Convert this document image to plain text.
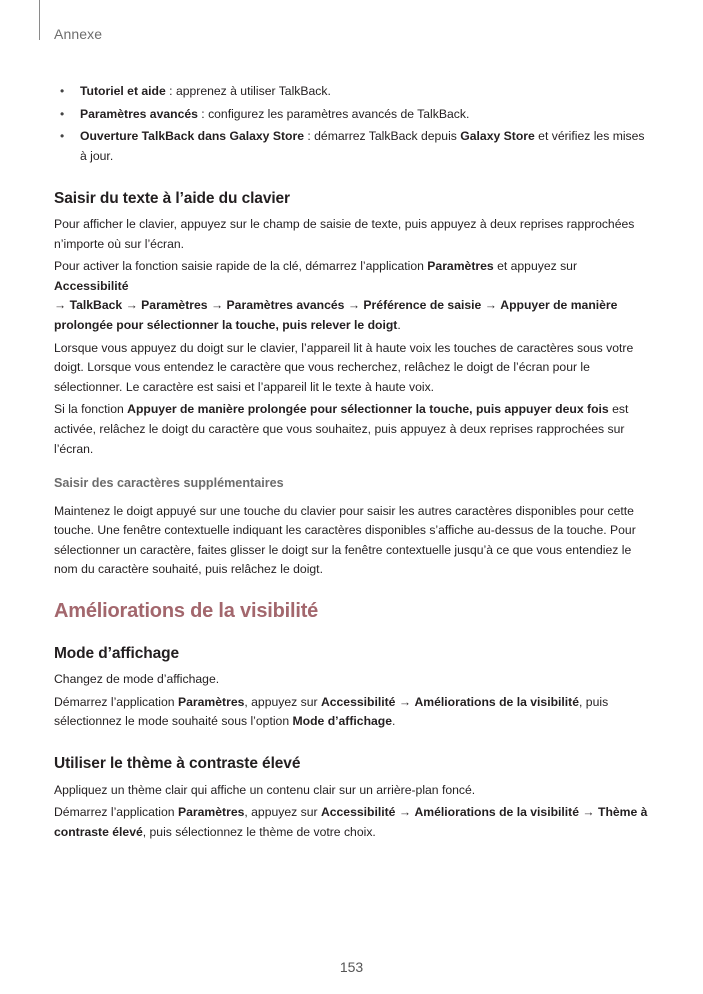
Annexe
• Tutoriel et aide : apprenez à utiliser TalkBack.
• Paramètres avancés : configurez les paramètres avancés de TalkBack.
• Ouverture TalkBack dans Galaxy Store : démarrez TalkBack depuis Galaxy Store et vérifiez les mises à jour.
Saisir du texte à l’aide du clavier

Pour afficher le clavier, appuyez sur le champ de saisie de texte, puis appuyez à deux reprises rapprochées n’importe où sur l’écran.

Pour activer la fonction saisie rapide de la clé, démarrez l’application Paramètres et appuyez sur Accessibilité
→ TalkBack → Paramètres → Paramètres avancés → Préférence de saisie → Appuyer de manière prolongée pour sélectionner la touche, puis relever le doigt.

Lorsque vous appuyez du doigt sur le clavier, l’appareil lit à haute voix les touches de caractères sous votre doigt. Lorsque vous entendez le caractère que vous recherchez, relâchez le doigt de l’écran pour le sélectionner. Le caractère est saisi et l’appareil lit le texte à haute voix.

Si la fonction Appuyer de manière prolongée pour sélectionner la touche, puis appuyer deux fois est activée, relâchez le doigt du caractère que vous souhaitez, puis appuyez à deux reprises rapprochées sur l’écran.

Saisir des caractères supplémentaires

Maintenez le doigt appuyé sur une touche du clavier pour saisir les autres caractères disponibles pour cette touche. Une fenêtre contextuelle indiquant les caractères disponibles s’affiche au-dessus de la touche. Pour sélectionner un caractère, faites glisser le doigt sur la fenêtre contextuelle jusqu’à ce que vous entendiez le nom du caractère souhaité, puis relâchez le doigt.

Améliorations de la visibilité
Mode d’affichage

Changez de mode d’affichage.

Démarrez l’application Paramètres, appuyez sur Accessibilité → Améliorations de la visibilité, puis sélectionnez le mode souhaité sous l’option Mode d’affichage.

Utiliser le thème à contraste élevé

Appliquez un thème clair qui affiche un contenu clair sur un arrière-plan foncé.

Démarrez l’application Paramètres, appuyez sur Accessibilité → Améliorations de la visibilité → Thème à contraste élevé, puis sélectionnez le thème de votre choix.

153
